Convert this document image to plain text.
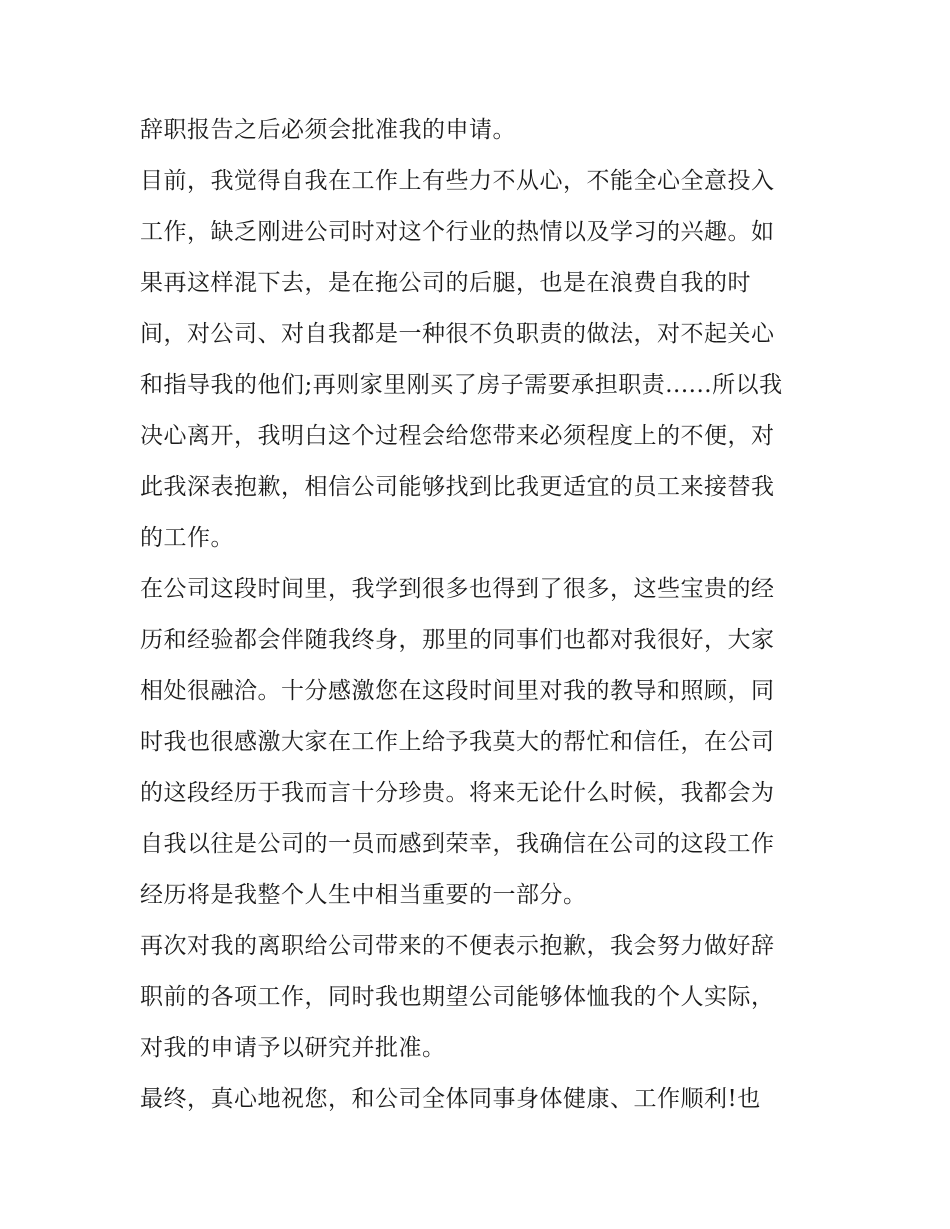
辞职报告之后必须会批准我的申请。
目前，我觉得自我在工作上有些力不从心，不能全心全意投入
工作，缺乏刚进公司时对这个行业的热情以及学习的兴趣。如
果再这样混下去，是在拖公司的后腿，也是在浪费自我的时
间，对公司、对自我都是一种很不负职责的做法，对不起关心
和指导我的他们;再则家里刚买了房子需要承担职责......所以我
决心离开，我明白这个过程会给您带来必须程度上的不便，对
此我深表抱歉，相信公司能够找到比我更适宜的员工来接替我
的工作。
在公司这段时间里，我学到很多也得到了很多，这些宝贵的经
历和经验都会伴随我终身，那里的同事们也都对我很好，大家
相处很融洽。十分感激您在这段时间里对我的教导和照顾，同
时我也很感激大家在工作上给予我莫大的帮忙和信任，在公司
的这段经历于我而言十分珍贵。将来无论什么时候，我都会为
自我以往是公司的一员而感到荣幸，我确信在公司的这段工作
经历将是我整个人生中相当重要的一部分。
再次对我的离职给公司带来的不便表示抱歉，我会努力做好辞
职前的各项工作，同时我也期望公司能够体恤我的个人实际，
对我的申请予以研究并批准。
最终，真心地祝您，和公司全体同事身体健康、工作顺利!也
